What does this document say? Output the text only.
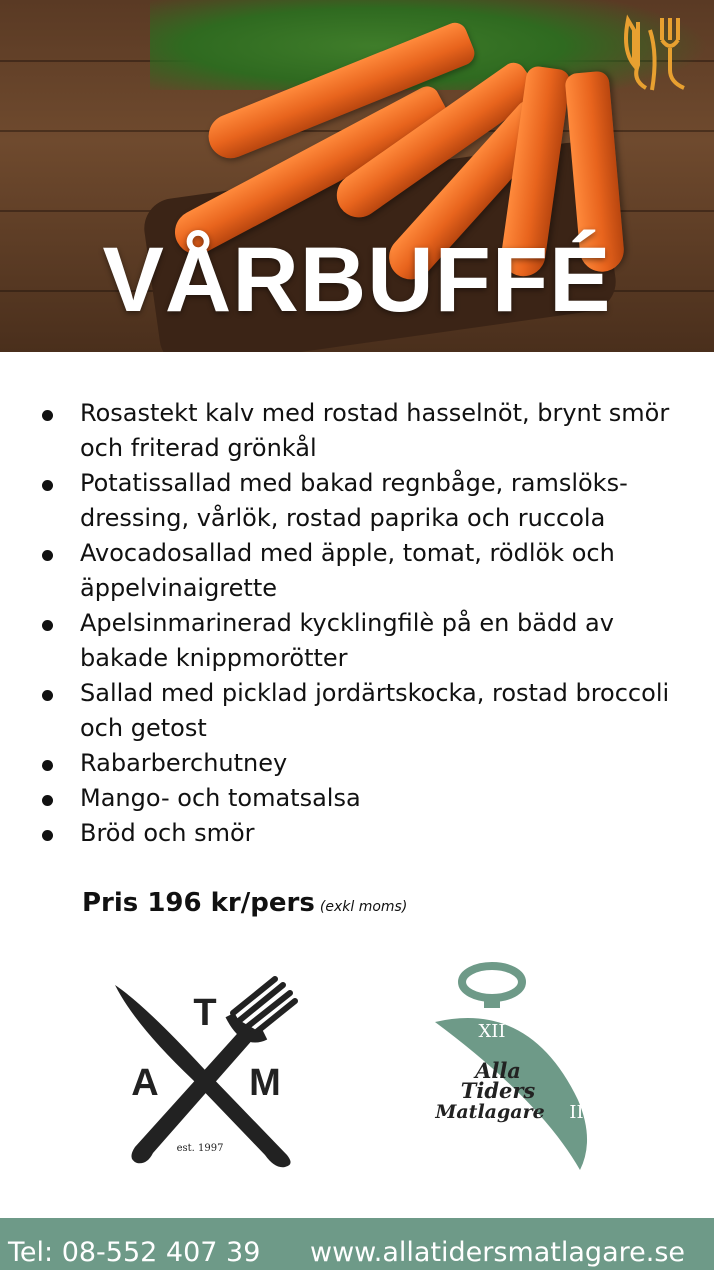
VÅRBUFFÉ
Rosastekt kalv med rostad hasselnöt, brynt smör och friterad grönkål
Potatissallad med bakad regnbåge, ramslöks-dressing, vårlök, rostad paprika och ruccola
Avocadosallad med äpple, tomat, rödlök och äppelvinaigrette
Apelsinmarinerad kycklingfilè på en bädd av bakade knippmorötter
Sallad med picklad jordärtskocka, rostad broccoli och getost
Rabarberchutney
Mango- och tomatsalsa
Bröd och smör
Pris 196 kr/pers (exkl moms)
T
A M
est. 1997
XII
III
Alla
Tiders
Matlagare
Tel: 08-552 407 39 www.allatidersmatlagare.se
